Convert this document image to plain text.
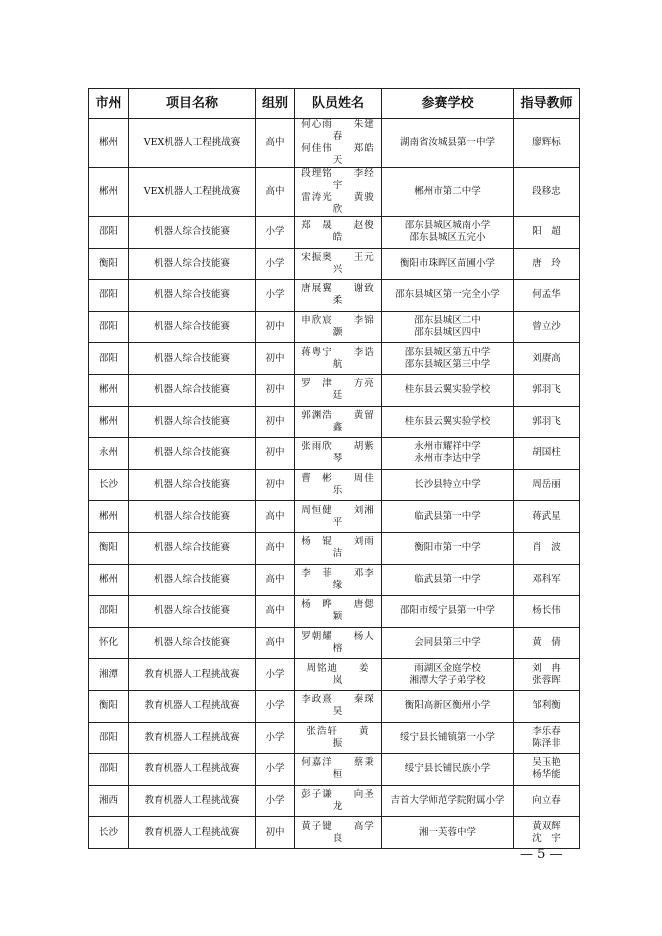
市州	项目名称	组别	队员姓名	参赛学校	指导教师
郴州	VEX机器人工程挑战赛	高中	何心雨　　朱建春
何佳伟　　郑皓天	湖南省汝城县第一中学	廖辉标

郴州	VEX机器人工程挑战赛	高中	段理铭　　李经宇
雷涛光　　黄骏欣	郴州市第二中学	段移忠

邵阳	机器人综合技能赛	小学	郑　晟　　赵俊皓	邵东县城区城南小学
邵东县城区五完小	阳　超

衡阳	机器人综合技能赛	小学	宋振奥　　王元兴	衡阳市珠晖区苗圃小学	唐　玲

邵阳	机器人综合技能赛	小学	唐展翼　　谢致柔	邵东县城区第一完全小学	何孟华

邵阳	机器人综合技能赛	初中	申欣宸　　李锦灏	邵东县城区二中
邵东县城区四中	曾立沙

邵阳	机器人综合技能赛	初中	蒋粤宁　　李诰航	邵东县城区第五中学
邵东县城区第三中学	刘赓高

郴州	机器人综合技能赛	初中	罗　津　　方亮廷	桂东县云翼实验学校	郭羽飞

郴州	机器人综合技能赛	初中	郭渊浩　　黄留鑫	桂东县云翼实验学校	郭羽飞

永州	机器人综合技能赛	初中	张雨欣　　胡紫琴	永州市耀祥中学
永州市李达中学	胡国柱

长沙	机器人综合技能赛	初中	曹　彬　　周佳乐	长沙县特立中学	周岳丽

郴州	机器人综合技能赛	高中	周恒健　　刘湘平	临武县第一中学	蒋武星

衡阳	机器人综合技能赛	高中	杨　锟　　刘雨洁	衡阳市第一中学	肖　波

郴州	机器人综合技能赛	高中	李　菲　　邓李缘	临武县第一中学	邓科军

邵阳	机器人综合技能赛	高中	杨　晔　　唐偲颖	邵阳市绥宁县第一中学	杨长伟

怀化	机器人综合技能赛	高中	罗朝耀　　杨人榕	会同县第三中学	黄　倩

湘潭	教育机器人工程挑战赛	小学	周铭迪　　姜　岚	雨湖区金庭学校
湘潭大学子弟学校	刘　冉
张蓉晖

衡阳	教育机器人工程挑战赛	小学	李政熹　　秦琛昊	衡阳高新区衡州小学	邹利衡

邵阳	教育机器人工程挑战赛	小学	张浩轩　　黄　振	绥宁县长铺镇第一小学	李乐春
陈泽非

邵阳	教育机器人工程挑战赛	小学	何嘉洋　　蔡秉桓	绥宁县长铺民族小学	吴玉艳
杨华能

湘西	教育机器人工程挑战赛	小学	彭子谦　　向圣龙	吉首大学师范学院附属小学	向立春

长沙	教育机器人工程挑战赛	初中	黄子键　　高学良	湘一芙蓉中学	黄双辉
沈　宇
— 5 —
